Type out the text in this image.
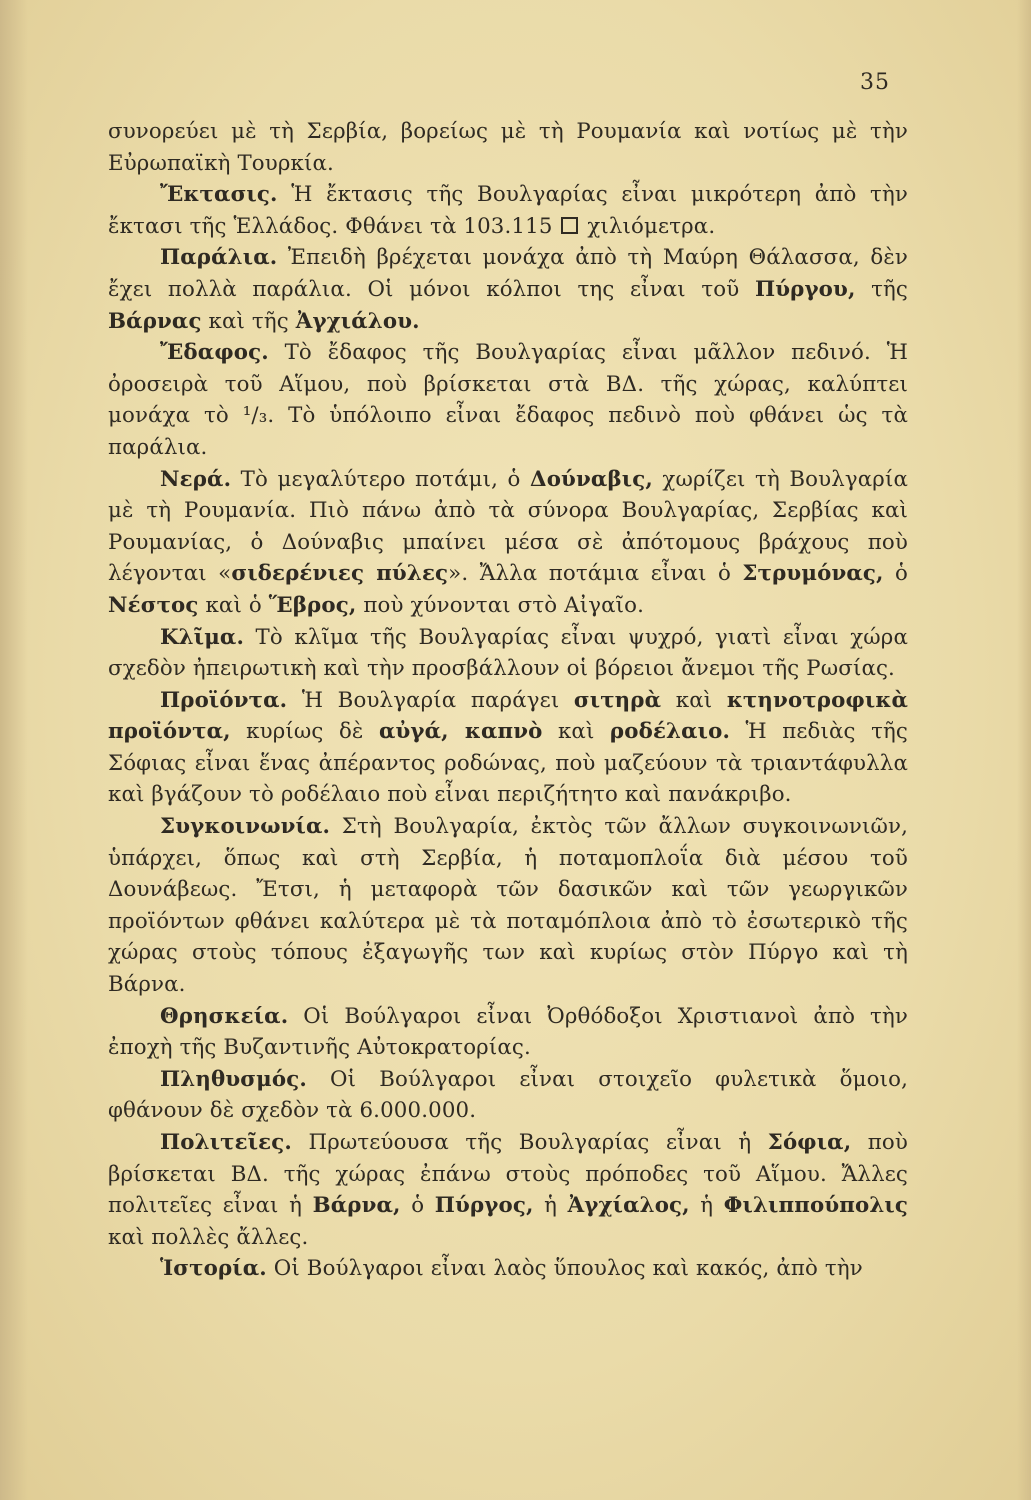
35

συνορεύει μὲ τὴ Σερβία, βορείως μὲ τὴ Ρουμανία καὶ νοτίως μὲ τὴν Εὐρωπαϊκὴ Τουρκία.

Ἔκτασις. Ἡ ἔκτασις τῆς Βουλγαρίας εἶναι μικρότερη ἀπὸ τὴν ἔκτασι τῆς Ἑλλάδος. Φθάνει τὰ 103.115  χιλιόμετρα.

Παράλια. Ἐπειδὴ βρέχεται μονάχα ἀπὸ τὴ Μαύρη Θάλασσα, δὲν ἔχει πολλὰ παράλια. Οἱ μόνοι κόλποι της εἶναι τοῦ Πύργου, τῆς Βάρνας καὶ τῆς Ἀγχιάλου.

Ἔδαφος. Τὸ ἔδαφος τῆς Βουλγαρίας εἶναι μᾶλλον πεδινό. Ἡ ὀροσειρὰ τοῦ Αἵμου, ποὺ βρίσκεται στὰ ΒΔ. τῆς χώρας, καλύπτει μονάχα τὸ ¹/₃. Τὸ ὑπόλοιπο εἶναι ἔδαφος πεδινὸ ποὺ φθάνει ὡς τὰ παράλια.

Νερά. Τὸ μεγαλύτερο ποτάμι, ὁ Δούναβις, χωρίζει τὴ Βουλγαρία μὲ τὴ Ρουμανία. Πιὸ πάνω ἀπὸ τὰ σύνορα Βουλγαρίας, Σερβίας καὶ Ρουμανίας, ὁ Δούναβις μπαίνει μέσα σὲ ἀπότομους βράχους ποὺ λέγονται «σιδερένιες πύλες». Ἄλλα ποτάμια εἶναι ὁ Στρυμόνας, ὁ Νέστος καὶ ὁ Ἕβρος, ποὺ χύνονται στὸ Αἰγαῖο.

Κλῖμα. Τὸ κλῖμα τῆς Βουλγαρίας εἶναι ψυχρό, γιατὶ εἶναι χώρα σχεδὸν ἠπειρωτικὴ καὶ τὴν προσβάλλουν οἱ βόρειοι ἄνεμοι τῆς Ρωσίας.

Προϊόντα. Ἡ Βουλγαρία παράγει σιτηρὰ καὶ κτηνοτροφικὰ προϊόντα, κυρίως δὲ αὐγά, καπνὸ καὶ ροδέλαιο. Ἡ πεδιὰς τῆς Σόφιας εἶναι ἕνας ἀπέραντος ροδώνας, ποὺ μαζεύουν τὰ τριαντάφυλλα καὶ βγάζουν τὸ ροδέλαιο ποὺ εἶναι περιζήτητο καὶ πανάκριβο.

Συγκοινωνία. Στὴ Βουλγαρία, ἐκτὸς τῶν ἄλλων συγκοινωνιῶν, ὑπάρχει, ὅπως καὶ στὴ Σερβία, ἡ ποταμοπλοΐα διὰ μέσου τοῦ Δουνάβεως. Ἔτσι, ἡ μεταφορὰ τῶν δασικῶν καὶ τῶν γεωργικῶν προϊόντων φθάνει καλύτερα μὲ τὰ ποταμόπλοια ἀπὸ τὸ ἐσωτερικὸ τῆς χώρας στοὺς τόπους ἐξαγωγῆς των καὶ κυρίως στὸν Πύργο καὶ τὴ Βάρνα.

Θρησκεία. Οἱ Βούλγαροι εἶναι Ὀρθόδοξοι Χριστιανοὶ ἀπὸ τὴν ἐποχὴ τῆς Βυζαντινῆς Αὐτοκρατορίας.

Πληθυσμός. Οἱ Βούλγαροι εἶναι στοιχεῖο φυλετικὰ ὅμοιο, φθάνουν δὲ σχεδὸν τὰ 6.000.000.

Πολιτεῖες. Πρωτεύουσα τῆς Βουλγαρίας εἶναι ἡ Σόφια, ποὺ βρίσκεται ΒΔ. τῆς χώρας ἐπάνω στοὺς πρόποδες τοῦ Αἵμου. Ἄλλες πολιτεῖες εἶναι ἡ Βάρνα, ὁ Πύργος, ἡ Ἀγχίαλος, ἡ Φιλιππούπολις καὶ πολλὲς ἄλλες.

Ἱστορία. Οἱ Βούλγαροι εἶναι λαὸς ὕπουλος καὶ κακός, ἀπὸ τὴν
